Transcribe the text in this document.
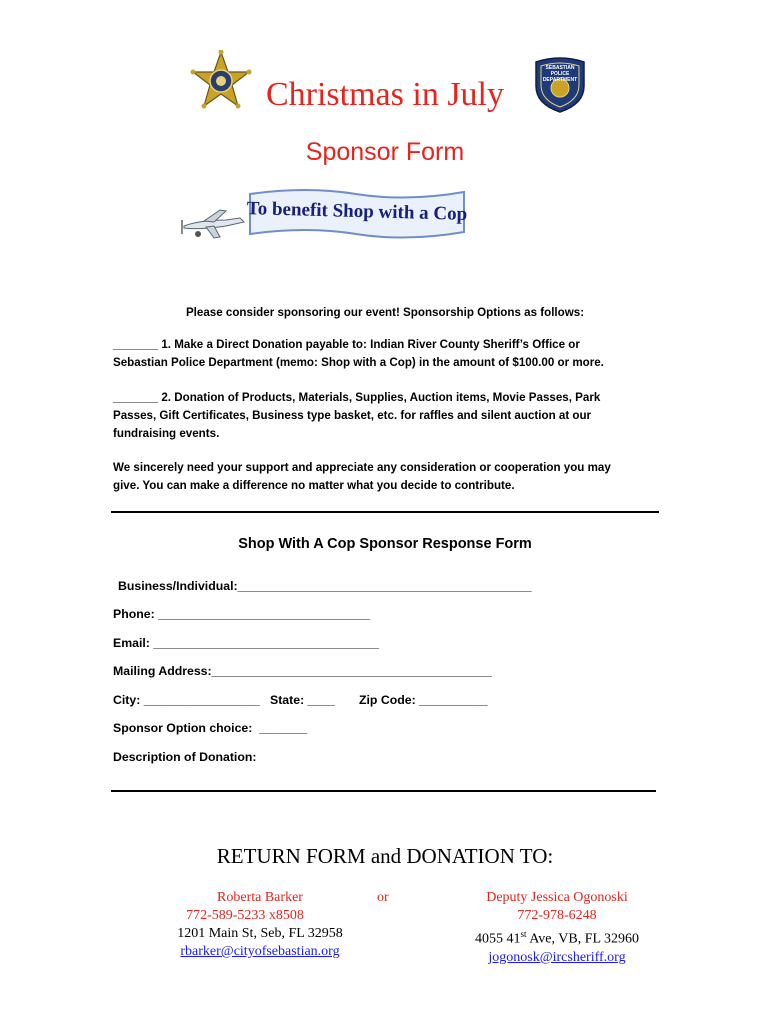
SEBASTIAN POLICE DEPARTMENT
Christmas in July
Sponsor Form
To benefit Shop with a Cop
Please consider sponsoring our event! Sponsorship Options as follows:
_______ 1. Make a Direct Donation payable to: Indian River County Sheriff’s Office or
Sebastian Police Department (memo: Shop with a Cop) in the amount of $100.00 or more.
_______ 2. Donation of Products, Materials, Supplies, Auction items, Movie Passes, Park
Passes, Gift Certificates, Business type basket, etc. for raffles and silent auction at our
fundraising events.
We sincerely need your support and appreciate any consideration or cooperation you may
give. You can make a difference no matter what you decide to contribute.
Shop With A Cop Sponsor Response Form
Business/Individual:___________________________________________
Phone: _______________________________
Email: _________________________________
Mailing Address:_________________________________________
City: _________________ State: ____ Zip Code: __________
Sponsor Option choice:  _______
Description of Donation:
RETURN FORM and DONATION TO:
or
Roberta Barker
772-589-5233 x8508
1201 Main St, Seb, FL 32958
rbarker@cityofsebastian.org
Deputy Jessica Ogonoski
772-978-6248
4055 41st Ave, VB, FL 32960
jogonosk@ircsheriff.org
